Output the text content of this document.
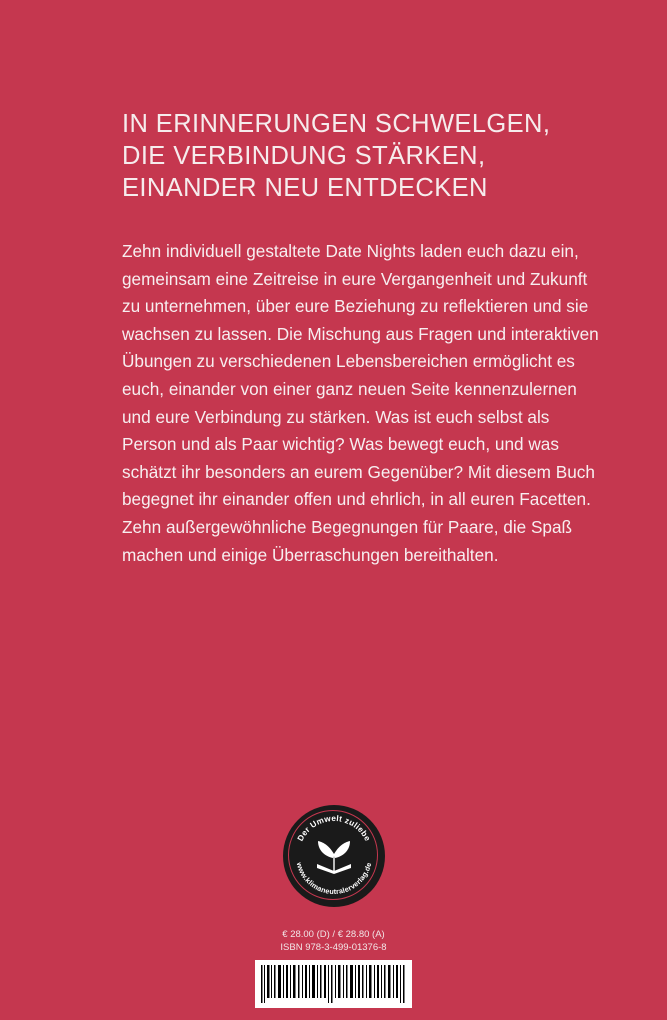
IN ERINNERUNGEN SCHWELGEN, DIE VERBINDUNG STÄRKEN, EINANDER NEU ENTDECKEN

Zehn individuell gestaltete Date Nights laden euch dazu ein, gemeinsam eine Zeitreise in eure Vergangenheit und Zukunft zu unternehmen, über eure Beziehung zu reflektieren und sie wachsen zu lassen. Die Mischung aus Fragen und interaktiven Übungen zu verschiedenen Lebensbereichen ermöglicht es euch, einander von einer ganz neuen Seite kennenzulernen und eure Verbindung zu stärken. Was ist euch selbst als Person und als Paar wichtig? Was bewegt euch, und was schätzt ihr besonders an eurem Gegenüber? Mit diesem Buch begegnet ihr einander offen und ehrlich, in all euren Facetten. Zehn außergewöhnliche Begegnungen für Paare, die Spaß machen und einige Überraschungen bereithalten.

Der Umwelt zuliebe
www.klimaneutralerverlag.de
€ 28.00 (D) / € 28.80 (A)
ISBN 978-3-499-01376-8
